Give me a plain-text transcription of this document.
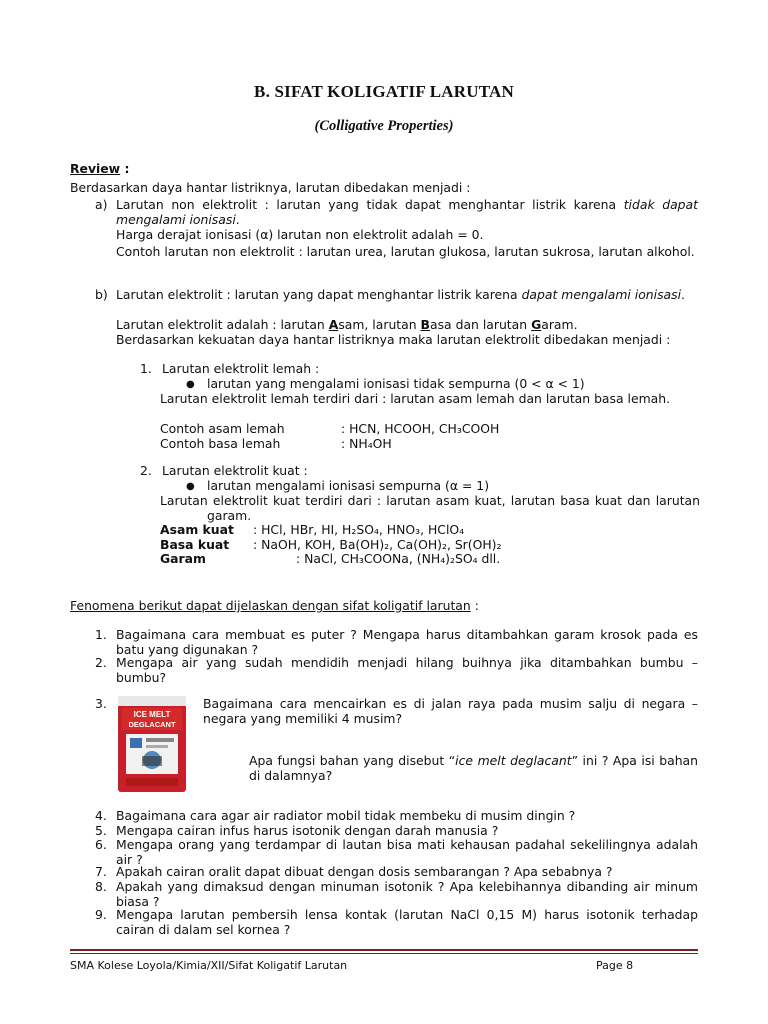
B. SIFAT KOLIGATIF LARUTAN
(Colligative Properties)
Review :
Berdasarkan daya hantar listriknya, larutan dibedakan menjadi :
a) Larutan non elektrolit : larutan yang tidak dapat menghantar listrik karena tidak dapat mengalami ionisasi.
Harga derajat ionisasi (α) larutan non elektrolit adalah = 0.
Contoh larutan non elektrolit : larutan urea, larutan glukosa, larutan sukrosa, larutan alkohol.
b) Larutan elektrolit : larutan yang dapat menghantar listrik karena dapat mengalami ionisasi.
Larutan elektrolit adalah : larutan Asam, larutan Basa dan larutan Garam.
Berdasarkan kekuatan daya hantar listriknya maka larutan elektrolit dibedakan menjadi :
1. Larutan elektrolit lemah :
● larutan yang mengalami ionisasi tidak sempurna (0 < α < 1)
Larutan elektrolit lemah terdiri dari : larutan asam lemah dan larutan basa lemah.
Contoh asam lemah	: HCN, HCOOH, CH₃COOH
Contoh basa lemah	: NH₄OH
2. Larutan elektrolit kuat :
● larutan mengalami ionisasi sempurna (α = 1)
Larutan elektrolit kuat terdiri dari : larutan asam kuat, larutan basa kuat dan larutan garam.
Asam kuat : HCl, HBr, HI, H₂SO₄, HNO₃, HClO₄
Basa kuat : NaOH, KOH, Ba(OH)₂, Ca(OH)₂, Sr(OH)₂
Garam	: NaCl, CH₃COONa, (NH₄)₂SO₄ dll.
Fenomena berikut dapat dijelaskan dengan sifat koligatif larutan :
1. Bagaimana cara membuat es puter ? Mengapa harus ditambahkan garam krosok pada es batu yang digunakan ?
2. Mengapa air yang sudah mendidih menjadi hilang buihnya jika ditambahkan bumbu – bumbu?
3.
ICE MELT
DEGLACANT
Bagaimana cara mencairkan es di jalan raya pada musim salju di negara – negara yang memiliki 4 musim?
Apa fungsi bahan yang disebut “ice melt deglacant” ini ? Apa isi bahan di dalamnya?
4. Bagaimana cara agar air radiator mobil tidak membeku di musim dingin ?
5. Mengapa cairan infus harus isotonik dengan darah manusia ?
6. Mengapa orang yang terdampar di lautan bisa mati kehausan padahal sekelilingnya adalah air ?
7. Apakah cairan oralit dapat dibuat dengan dosis sembarangan ? Apa sebabnya ?
8. Apakah yang dimaksud dengan minuman isotonik ? Apa kelebihannya dibanding air minum biasa ?
9. Mengapa larutan pembersih lensa kontak (larutan NaCl 0,15 M) harus isotonik terhadap cairan di dalam sel kornea ?
SMA Kolese Loyola/Kimia/XII/Sifat Koligatif Larutan	Page 8
